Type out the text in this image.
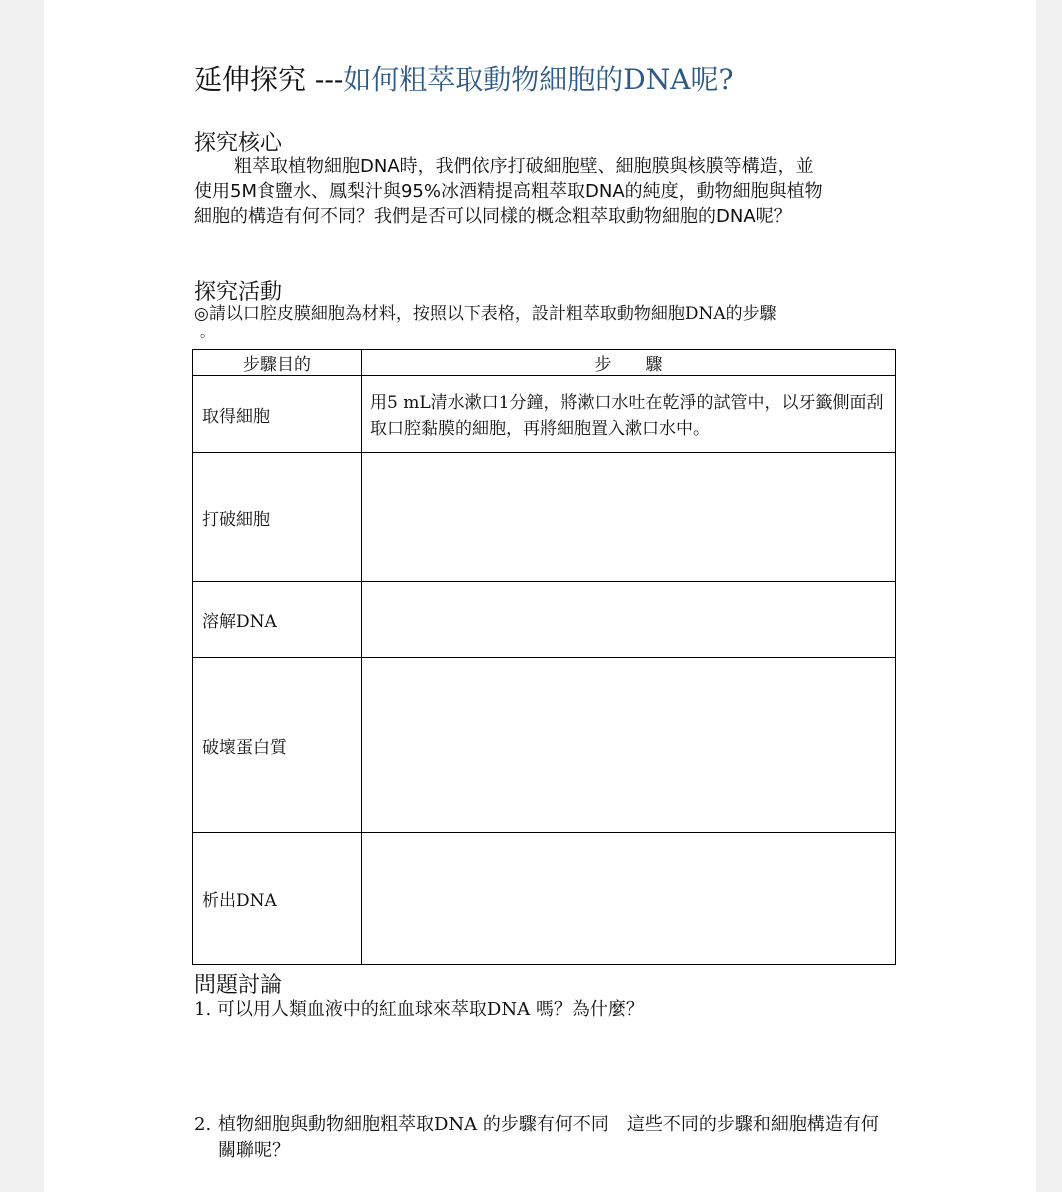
延伸探究 ---如何粗萃取動物細胞的DNA呢?
探究核心
粗萃取植物細胞DNA時，我們依序打破細胞壁、細胞膜與核膜等構造，並
使用5M食鹽水、鳳梨汁與95%冰酒精提高粗萃取DNA的純度，動物細胞與植物
細胞的構造有何不同？我們是否可以同樣的概念粗萃取動物細胞的DNA呢？
探究活動
◎請以口腔皮膜細胞為材料，按照以下表格，設計粗萃取動物細胞DNA的步驟
。
步驟目的	步　　驟
取得細胞	用5 mL清水漱口1分鐘，將漱口水吐在乾淨的試管中，以牙籤側面刮取口腔黏膜的細胞，再將細胞置入漱口水中。

打破細胞	
溶解DNA	
破壞蛋白質	
析出DNA	
問題討論
1. 可以用人類血液中的紅血球來萃取DNA 嗎？為什麼？
2. 植物細胞與動物細胞粗萃取DNA 的步驟有何不同　這些不同的步驟和細胞構造有何關聯呢？
